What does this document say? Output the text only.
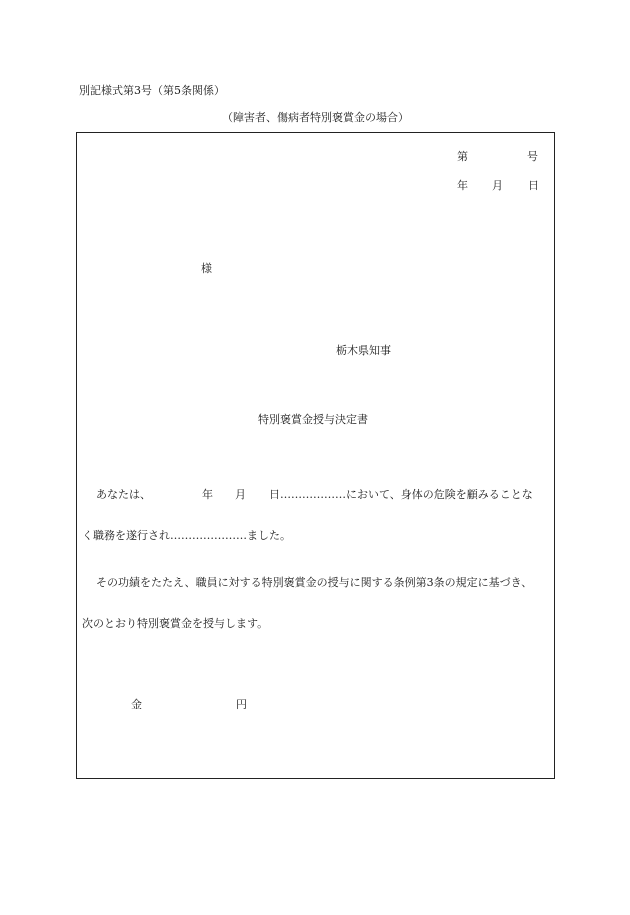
別記様式第3号（第5条関係）
（障害者、傷病者特別褒賞金の場合）
第	号
年 月 日
様
栃木県知事
特別褒賞金授与決定書
あなたは、	年 月 日………………において、身体の危険を顧みることな
く職務を遂行され…………………ました。
その功績をたたえ、職員に対する特別褒賞金の授与に関する条例第3条の規定に基づき、
次のとおり特別褒賞金を授与します。
金	円
